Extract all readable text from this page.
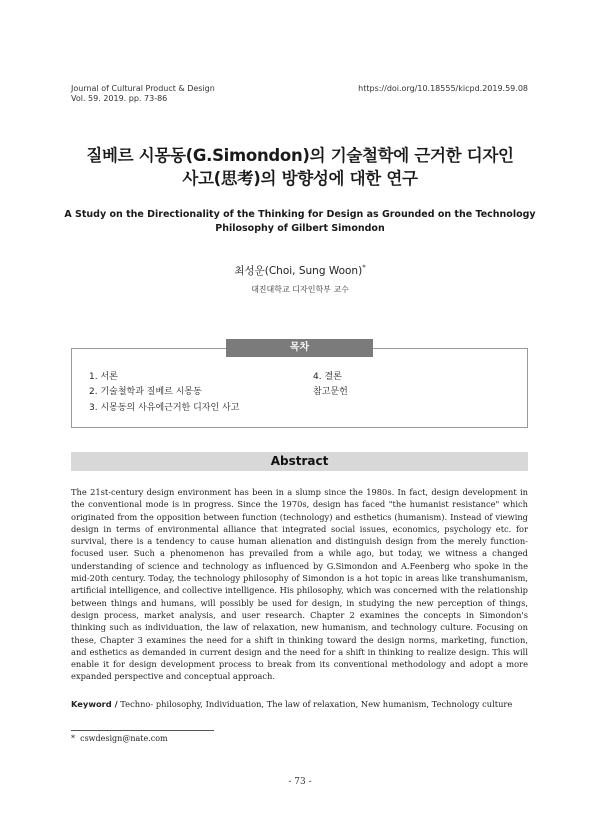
Journal of Cultural Product & Design
Vol. 59. 2019. pp. 73-86
https://doi.org/10.18555/kicpd.2019.59.08
질베르 시몽동(G.Simondon)의 기술철학에 근거한 디자인
사고(思考)의 방향성에 대한 연구
A Study on the Directionality of the Thinking for Design as Grounded on the Technology
Philosophy of Gilbert Simondon
최성운(Choi, Sung Woon)*
대진대학교 디자인학부 교수
목차
1. 서론
2. 기술철학과 질베르 시몽동
3. 시몽동의 사유에근거한 디자인 사고
4. 결론
참고문헌
Abstract

The 21st-century design environment has been in a slump since the 1980s. In fact, design development in the conventional mode is in progress. Since the 1970s, design has faced "the humanist resistance" which originated from the opposition between function (technology) and esthetics (humanism). Instead of viewing design in terms of environmental alliance that integrated social issues, economics, psychology etc. for survival, there is a tendency to cause human alienation and distinguish design from the merely function-focused user. Such a phenomenon has prevailed from a while ago, but today, we witness a changed understanding of science and technology as influenced by G.Simondon and A.Feenberg who spoke in the mid-20th century. Today, the technology philosophy of Simondon is a hot topic in areas like transhumanism, artificial intelligence, and collective intelligence. His philosophy, which was concerned with the relationship between things and humans, will possibly be used for design, in studying the new perception of things, design process, market analysis, and user research. Chapter 2 examines the concepts in Simondon's thinking such as individuation, the law of relaxation, new humanism, and technology culture. Focusing on these, Chapter 3 examines the need for a shift in thinking toward the design norms, marketing, function, and esthetics as demanded in current design and the need for a shift in thinking to realize design. This will enable it for design development process to break from its conventional methodology and adopt a more expanded perspective and conceptual approach.

Keyword / Techno- philosophy, Individuation, The law of relaxation, New humanism, Technology culture
* cswdesign@nate.com
- 73 -
